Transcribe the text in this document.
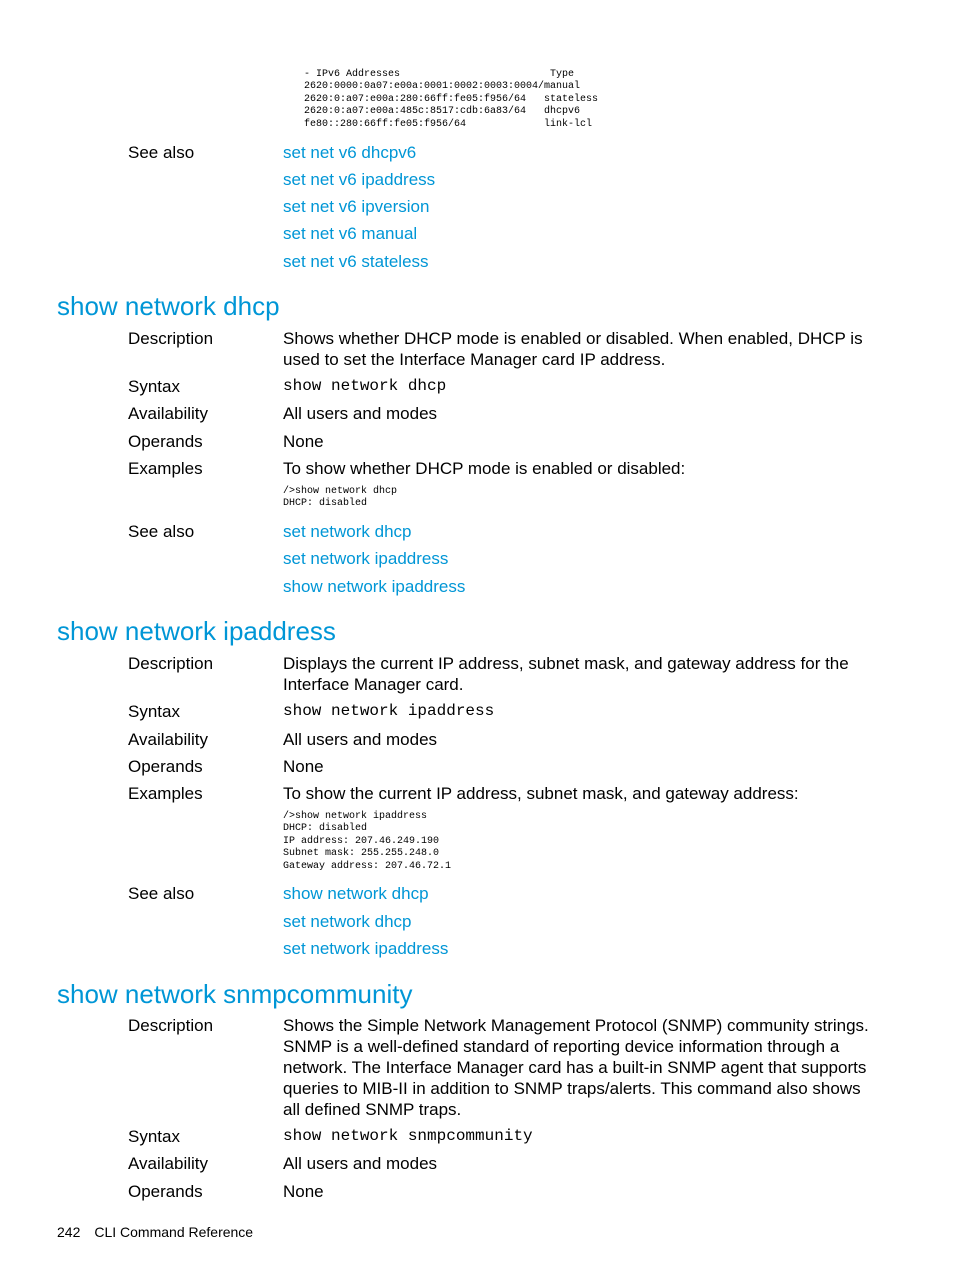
- IPv6 Addresses                         Type
2620:0000:0a07:e00a:0001:0002:0003:0004/manual
2620:0:a07:e00a:280:66ff:fe05:f956/64   stateless
2620:0:a07:e00a:485c:8517:cdb:6a83/64   dhcpv6
fe80::280:66ff:fe05:f956/64             link-lcl
See also	set net v6 dhcpv6
set net v6 ipaddress
set net v6 ipversion
set net v6 manual
set net v6 stateless
show network dhcp
Description	Shows whether DHCP mode is enabled or disabled. When enabled, DHCP is used to set the Interface Manager card IP address.
Syntax	show network dhcp
Availability	All users and modes
Operands	None
Examples	To show whether DHCP mode is enabled or disabled:
/>show network dhcp
DHCP: disabled
See also	set network dhcp
set network ipaddress
show network ipaddress
show network ipaddress
Description	Displays the current IP address, subnet mask, and gateway address for the Interface Manager card.
Syntax	show network ipaddress
Availability	All users and modes
Operands	None
Examples	To show the current IP address, subnet mask, and gateway address:
/>show network ipaddress
DHCP: disabled
IP address: 207.46.249.190
Subnet mask: 255.255.248.0
Gateway address: 207.46.72.1
See also	show network dhcp
set network dhcp
set network ipaddress
show network snmpcommunity
Description	Shows the Simple Network Management Protocol (SNMP) community strings. SNMP is a well-defined standard of reporting device information through a network. The Interface Manager card has a built-in SNMP agent that supports queries to MIB-II in addition to SNMP traps/alerts. This command also shows all defined SNMP traps.
Syntax	show network snmpcommunity
Availability	All users and modes
Operands	None
242 CLI Command Reference
